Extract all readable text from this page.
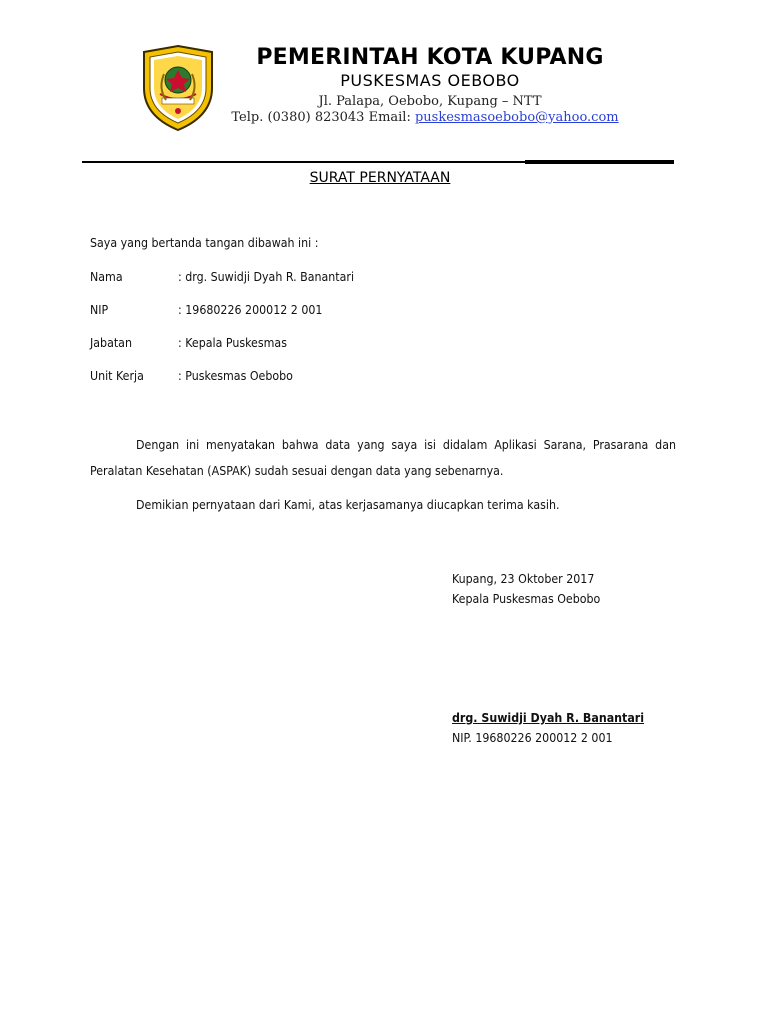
PEMERINTAH KOTA KUPANG
PUSKESMAS OEBOBO
Jl. Palapa, Oebobo, Kupang – NTT
Telp. (0380) 823043 Email: puskesmasoebobo@yahoo.com
SURAT PERNYATAAN
Saya yang bertanda tangan dibawah ini :
Nama	: drg. Suwidji Dyah R. Banantari
NIP	: 19680226 200012 2 001
Jabatan	: Kepala Puskesmas
Unit Kerja	: Puskesmas Oebobo
Dengan ini menyatakan bahwa data yang saya isi didalam Aplikasi Sarana, Prasarana dan Peralatan Kesehatan (ASPAK) sudah sesuai dengan data yang sebenarnya.
Demikian pernyataan dari Kami, atas kerjasamanya diucapkan terima kasih.
Kupang, 23 Oktober 2017
Kepala Puskesmas Oebobo
drg. Suwidji Dyah R. Banantari
NIP. 19680226 200012 2 001
